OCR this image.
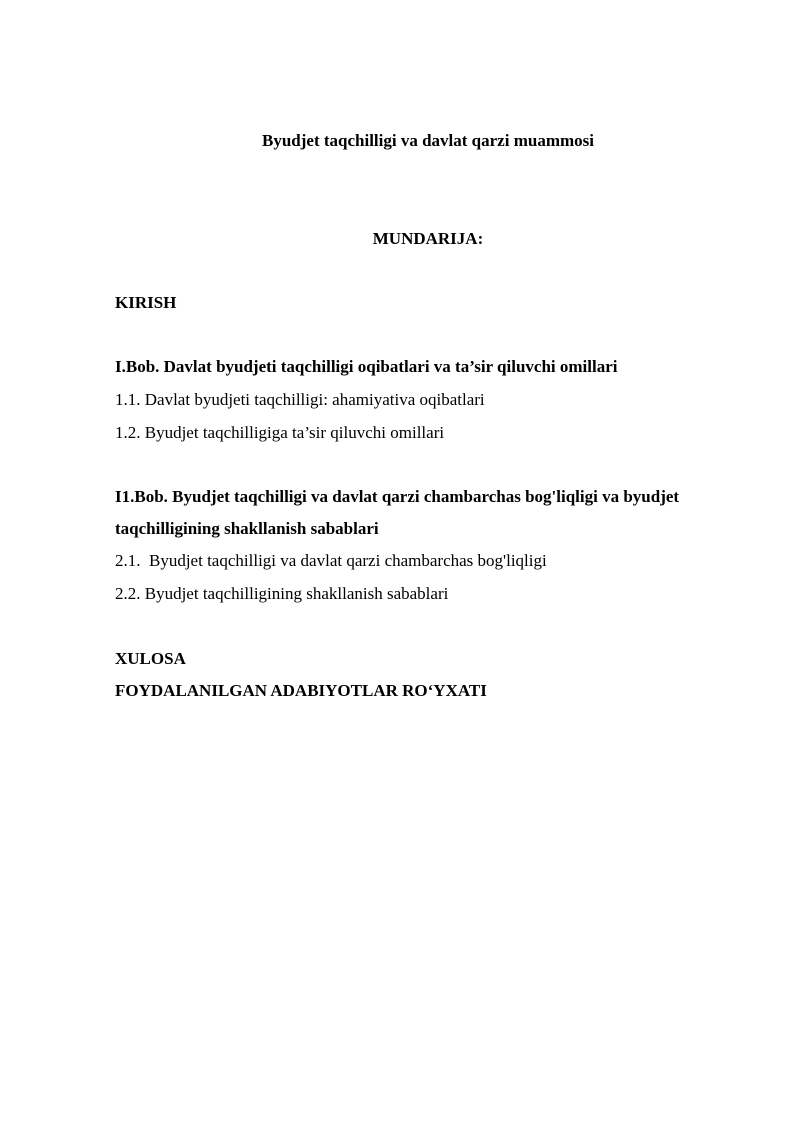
Byudjet taqchilligi va davlat qarzi muammosi
MUNDARIJA:
KIRISH
I.Bob. Davlat byudjeti taqchilligi oqibatlari va ta’sir qiluvchi omillari
1.1. Davlat byudjeti taqchilligi: ahamiyativa oqibatlari
1.2. Byudjet taqchilligiga ta’sir qiluvchi omillari
I1.Bob. Byudjet taqchilligi va davlat qarzi chambarchas bog'liqligi va byudjet
taqchilligining shakllanish sabablari
2.1.  Byudjet taqchilligi va davlat qarzi chambarchas bog'liqligi
2.2. Byudjet taqchilligining shakllanish sabablari
XULOSA
FOYDALANILGAN ADABIYOTLAR RO‘YXATI
